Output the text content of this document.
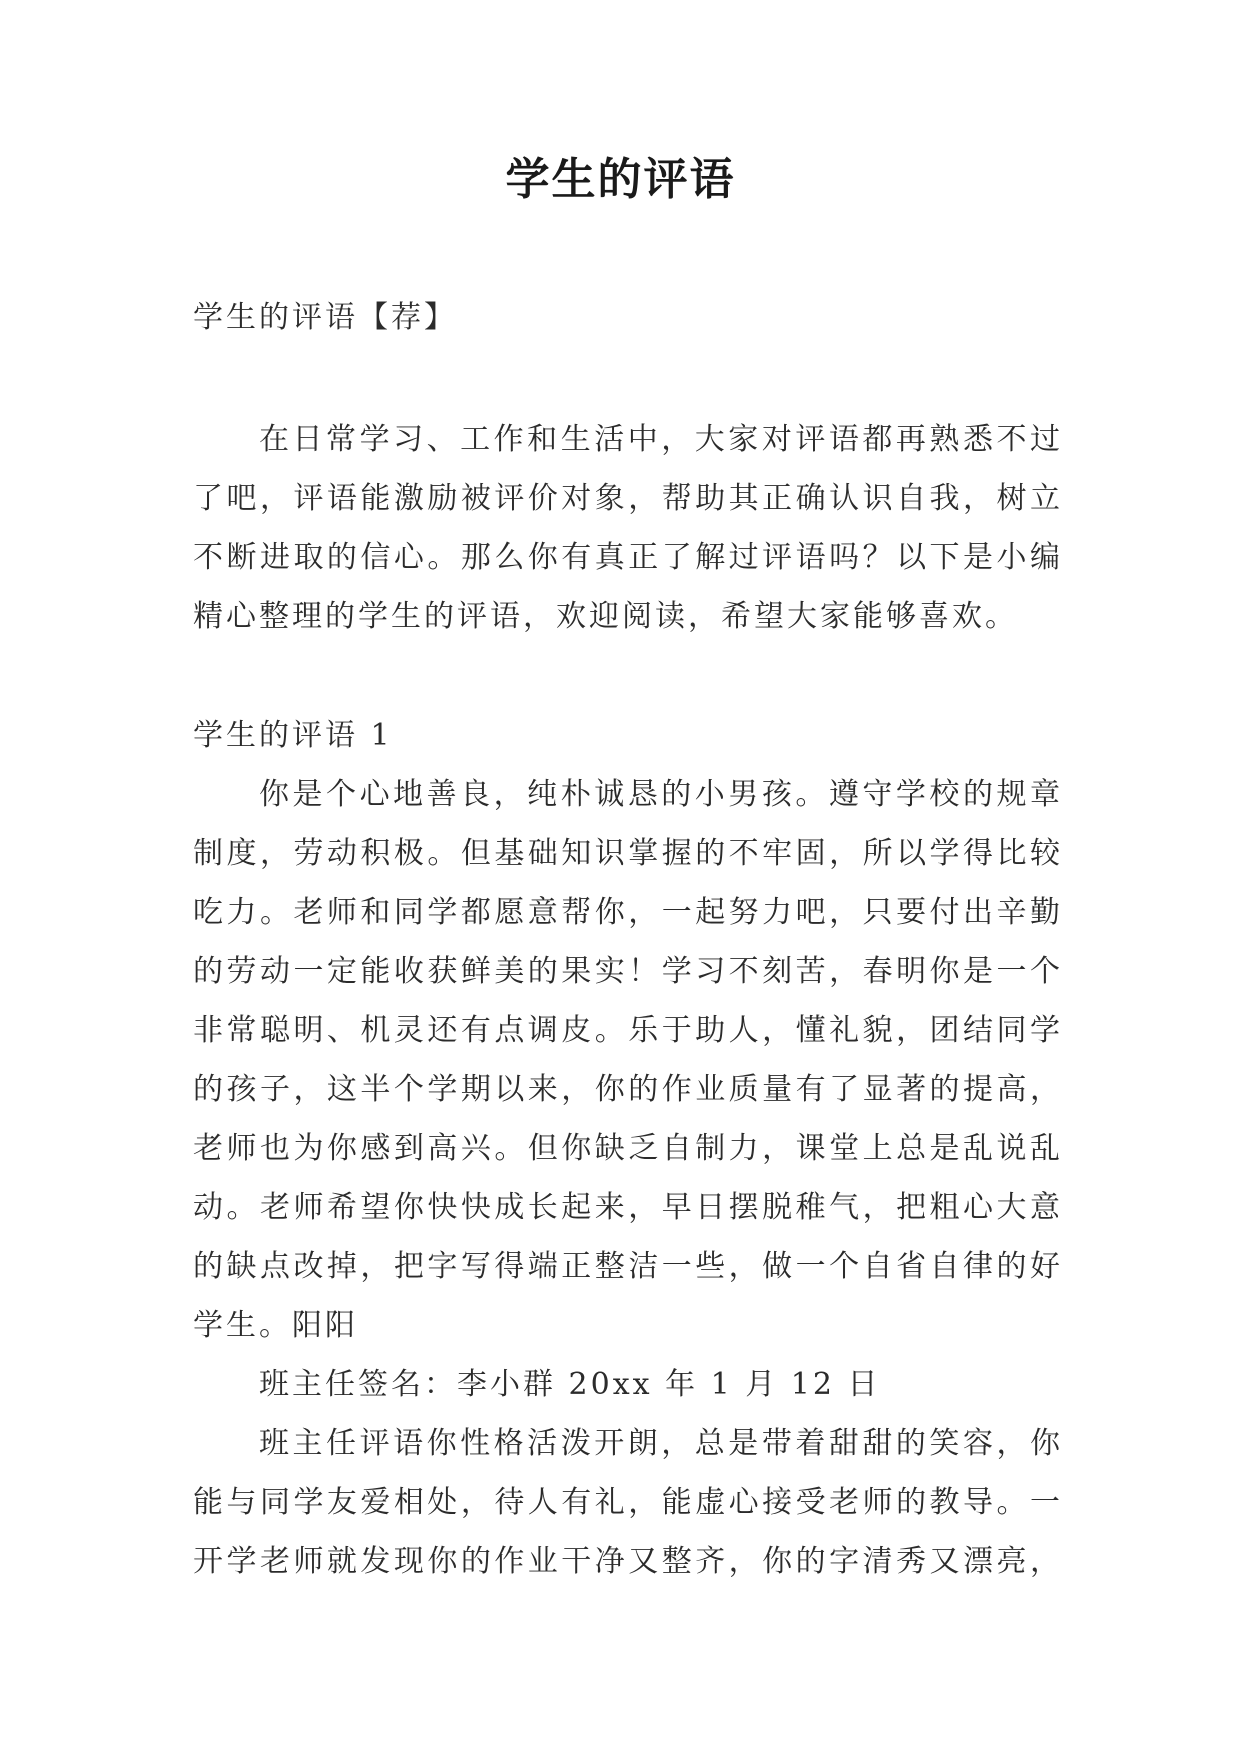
学生的评语

学生的评语【荐】

在日常学习、工作和生活中，大家对评语都再熟悉不过了吧，评语能激励被评价对象，帮助其正确认识自我，树立不断进取的信心。那么你有真正了解过评语吗？以下是小编精心整理的学生的评语，欢迎阅读，希望大家能够喜欢。

学生的评语 1

你是个心地善良，纯朴诚恳的小男孩。遵守学校的规章制度，劳动积极。但基础知识掌握的不牢固，所以学得比较吃力。老师和同学都愿意帮你，一起努力吧，只要付出辛勤的劳动一定能收获鲜美的果实！学习不刻苦，春明你是一个非常聪明、机灵还有点调皮。乐于助人，懂礼貌，团结同学的孩子，这半个学期以来，你的作业质量有了显著的提高，老师也为你感到高兴。但你缺乏自制力，课堂上总是乱说乱动。老师希望你快快成长起来，早日摆脱稚气，把粗心大意的缺点改掉，把字写得端正整洁一些，做一个自省自律的好学生。阳阳

班主任签名：李小群 20xx 年 1 月 12 日

班主任评语你性格活泼开朗，总是带着甜甜的笑容，你能与同学友爱相处，待人有礼，能虚心接受老师的教导。一开学老师就发现你的作业干净又整齐，你的字清秀又漂亮，
